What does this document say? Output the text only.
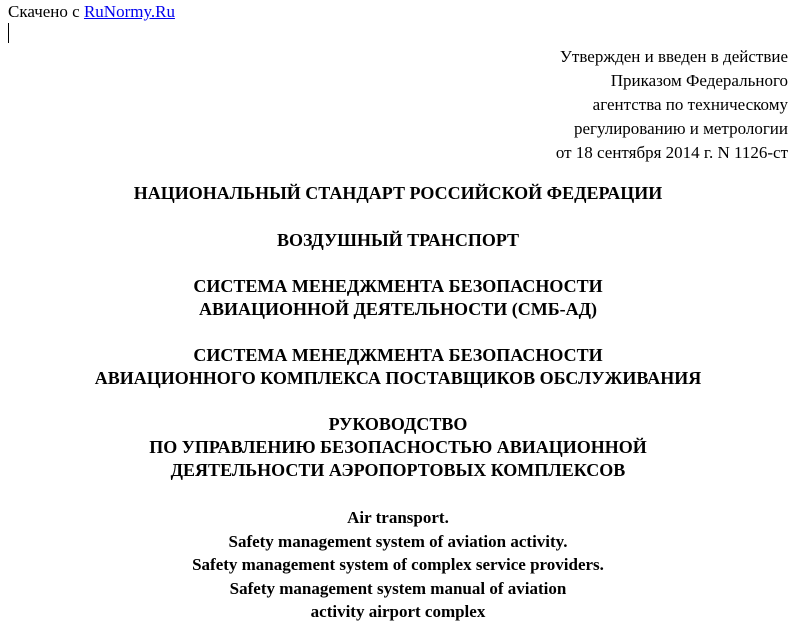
Скачено с RuNormy.Ru
Утвержден и введен в действие
Приказом Федерального
агентства по техническому
регулированию и метрологии
от 18 сентября 2014 г. N 1126-ст
НАЦИОНАЛЬНЫЙ СТАНДАРТ РОССИЙСКОЙ ФЕДЕРАЦИИ
ВОЗДУШНЫЙ ТРАНСПОРТ
СИСТЕМА МЕНЕДЖМЕНТА БЕЗОПАСНОСТИ
АВИАЦИОННОЙ ДЕЯТЕЛЬНОСТИ (СМБ-АД)
СИСТЕМА МЕНЕДЖМЕНТА БЕЗОПАСНОСТИ
АВИАЦИОННОГО КОМПЛЕКСА ПОСТАВЩИКОВ ОБСЛУЖИВАНИЯ
РУКОВОДСТВО
ПО УПРАВЛЕНИЮ БЕЗОПАСНОСТЬЮ АВИАЦИОННОЙ
ДЕЯТЕЛЬНОСТИ АЭРОПОРТОВЫХ КОМПЛЕКСОВ
Air transport.
Safety management system of aviation activity.
Safety management system of complex service providers.
Safety management system manual of aviation
activity airport complex
